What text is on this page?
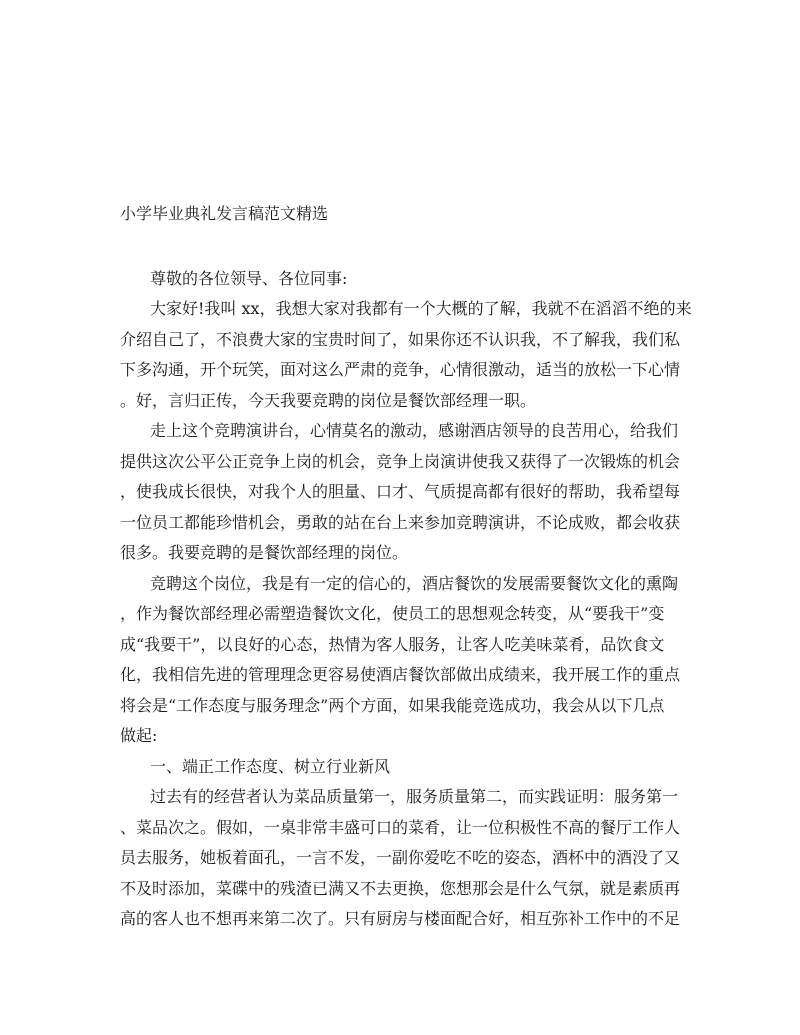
小学毕业典礼发言稿范文精选
尊敬的各位领导、各位同事:
大家好!我叫 xx，我想大家对我都有一个大概的了解，我就不在滔滔不绝的来
介绍自己了，不浪费大家的宝贵时间了，如果你还不认识我，不了解我，我们私
下多沟通，开个玩笑，面对这么严肃的竞争，心情很激动，适当的放松一下心情
。好，言归正传，今天我要竞聘的岗位是餐饮部经理一职。
走上这个竞聘演讲台，心情莫名的激动，感谢酒店领导的良苦用心，给我们
提供这次公平公正竞争上岗的机会，竞争上岗演讲使我又获得了一次锻炼的机会
，使我成长很快，对我个人的胆量、口才、气质提高都有很好的帮助，我希望每
一位员工都能珍惜机会，勇敢的站在台上来参加竞聘演讲，不论成败，都会收获
很多。我要竞聘的是餐饮部经理的岗位。
竞聘这个岗位，我是有一定的信心的，酒店餐饮的发展需要餐饮文化的熏陶
，作为餐饮部经理必需塑造餐饮文化，使员工的思想观念转变，从“要我干”变
成“我要干”，以良好的心态，热情为客人服务，让客人吃美味菜肴，品饮食文
化，我相信先进的管理理念更容易使酒店餐饮部做出成绩来，我开展工作的重点
将会是“工作态度与服务理念”两个方面，如果我能竞选成功，我会从以下几点
做起:
一、端正工作态度、树立行业新风
过去有的经营者认为菜品质量第一，服务质量第二，而实践证明：服务第一
、菜品次之。假如，一桌非常丰盛可口的菜肴，让一位积极性不高的餐厅工作人
员去服务，她板着面孔，一言不发，一副你爱吃不吃的姿态，酒杯中的酒没了又
不及时添加，菜碟中的残渣已满又不去更换，您想那会是什么气氛，就是素质再
高的客人也不想再来第二次了。只有厨房与楼面配合好，相互弥补工作中的不足
